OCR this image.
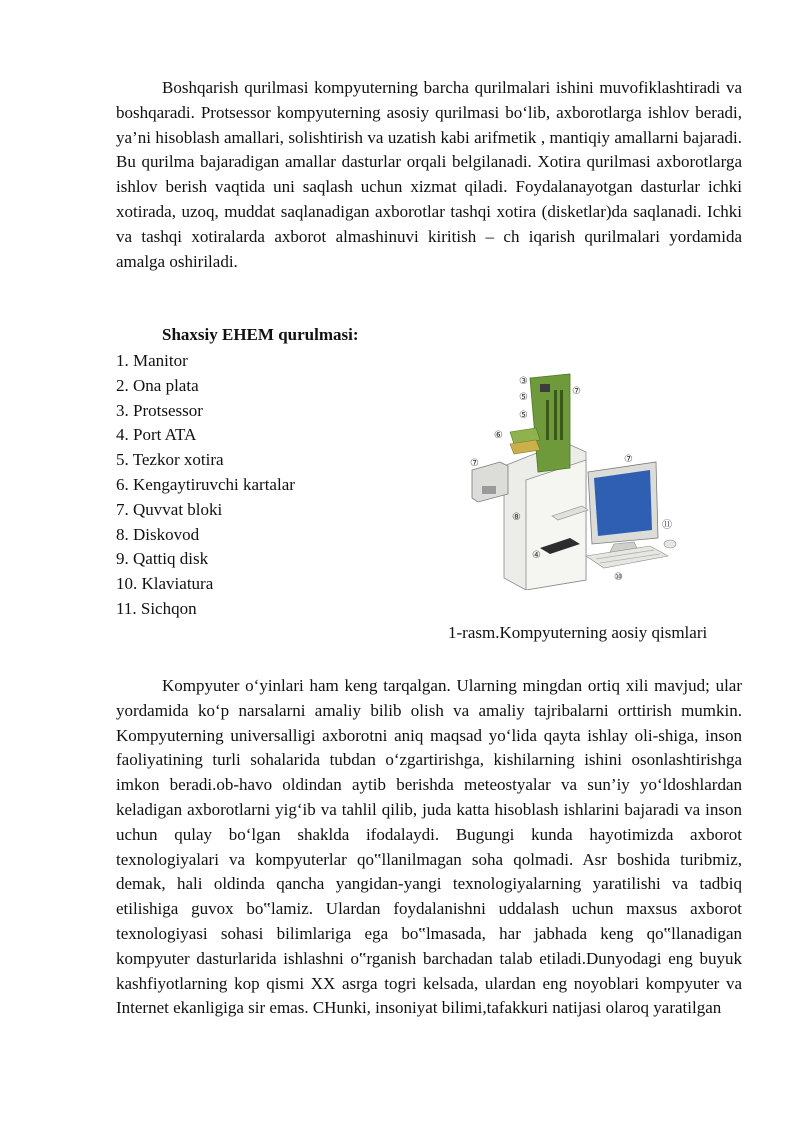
Boshqarish qurilmasi kompyuterning barcha qurilmalari ishini muvofiklashtiradi va boshqaradi. Protsessor kompyuterning asosiy qurilmasi bo‘lib, axborotlarga ishlov beradi, ya’ni hisoblash amallari, solishtirish va uzatish kabi arifmetik , mantiqiy amallarni bajaradi. Bu qurilma bajaradigan amallar dasturlar orqali belgilanadi. Xotira qurilmasi axborotlarga ishlov berish vaqtida uni saqlash uchun xizmat qiladi. Foydalanayotgan dasturlar ichki xotirada, uzoq, muddat saqlanadigan axborotlar tashqi xotira (disketlar)da saqlanadi. Ichki va tashqi xotiralarda axborot almashinuvi kiritish – ch iqarish qurilmalari yordamida amalga oshiriladi.

Shaxsiy EHEM qurulmasi:

1. Manitor
2. Ona plata
3. Protsessor
4. Port ATA
5. Tezkor xotira
6. Kengaytiruvchi kartalar
7. Quvvat bloki
8. Diskovod
9. Qattiq disk
10. Klaviatura
11. Sichqon
③
⑤
⑤
⑥
⑦
⑦	⑦
⑧
④
⑪
⑩

1-rasm.Kompyuterning aosiy qismlari

Kompyuter o‘yinlari ham keng tarqalgan. Ularning mingdan ortiq xili mavjud; ular yordamida ko‘p narsalarni amaliy bilib olish va amaliy tajribalarni orttirish mumkin. Kompyuterning universalligi axborotni aniq maqsad yo‘lida qayta ishlay oli-shiga, inson faoliyatining turli sohalarida tubdan o‘zgartirishga, kishilarning ishini osonlashtirishga imkon beradi.ob-havo oldindan aytib berishda meteostyalar va sun’iy yo‘ldoshlardan keladigan axborotlarni yig‘ib va tahlil qilib, juda katta hisoblash ishlarini bajaradi va inson uchun qulay bo‘lgan shaklda ifodalaydi. Bugungi kunda hayotimizda axborot texnologiyalari va kompyuterlar qo‟llanilmagan soha qolmadi. Asr boshida turibmiz, demak, hali oldinda qancha yangidan-yangi texnologiyalarning yaratilishi va tadbiq etilishiga guvox bo‟lamiz. Ulardan foydalanishni uddalash uchun maxsus axborot texnologiyasi sohasi bilimlariga ega bo‟lmasada, har jabhada keng qo‟llanadigan kompyuter dasturlarida ishlashni o‟rganish barchadan talab etiladi.Dunyodagi eng buyuk kashfiyotlarning kop qismi XX asrga togri kelsada, ulardan eng noyoblari kompyuter va Internet ekanligiga sir emas. CHunki, insoniyat bilimi,tafakkuri natijasi olaroq yaratilgan
